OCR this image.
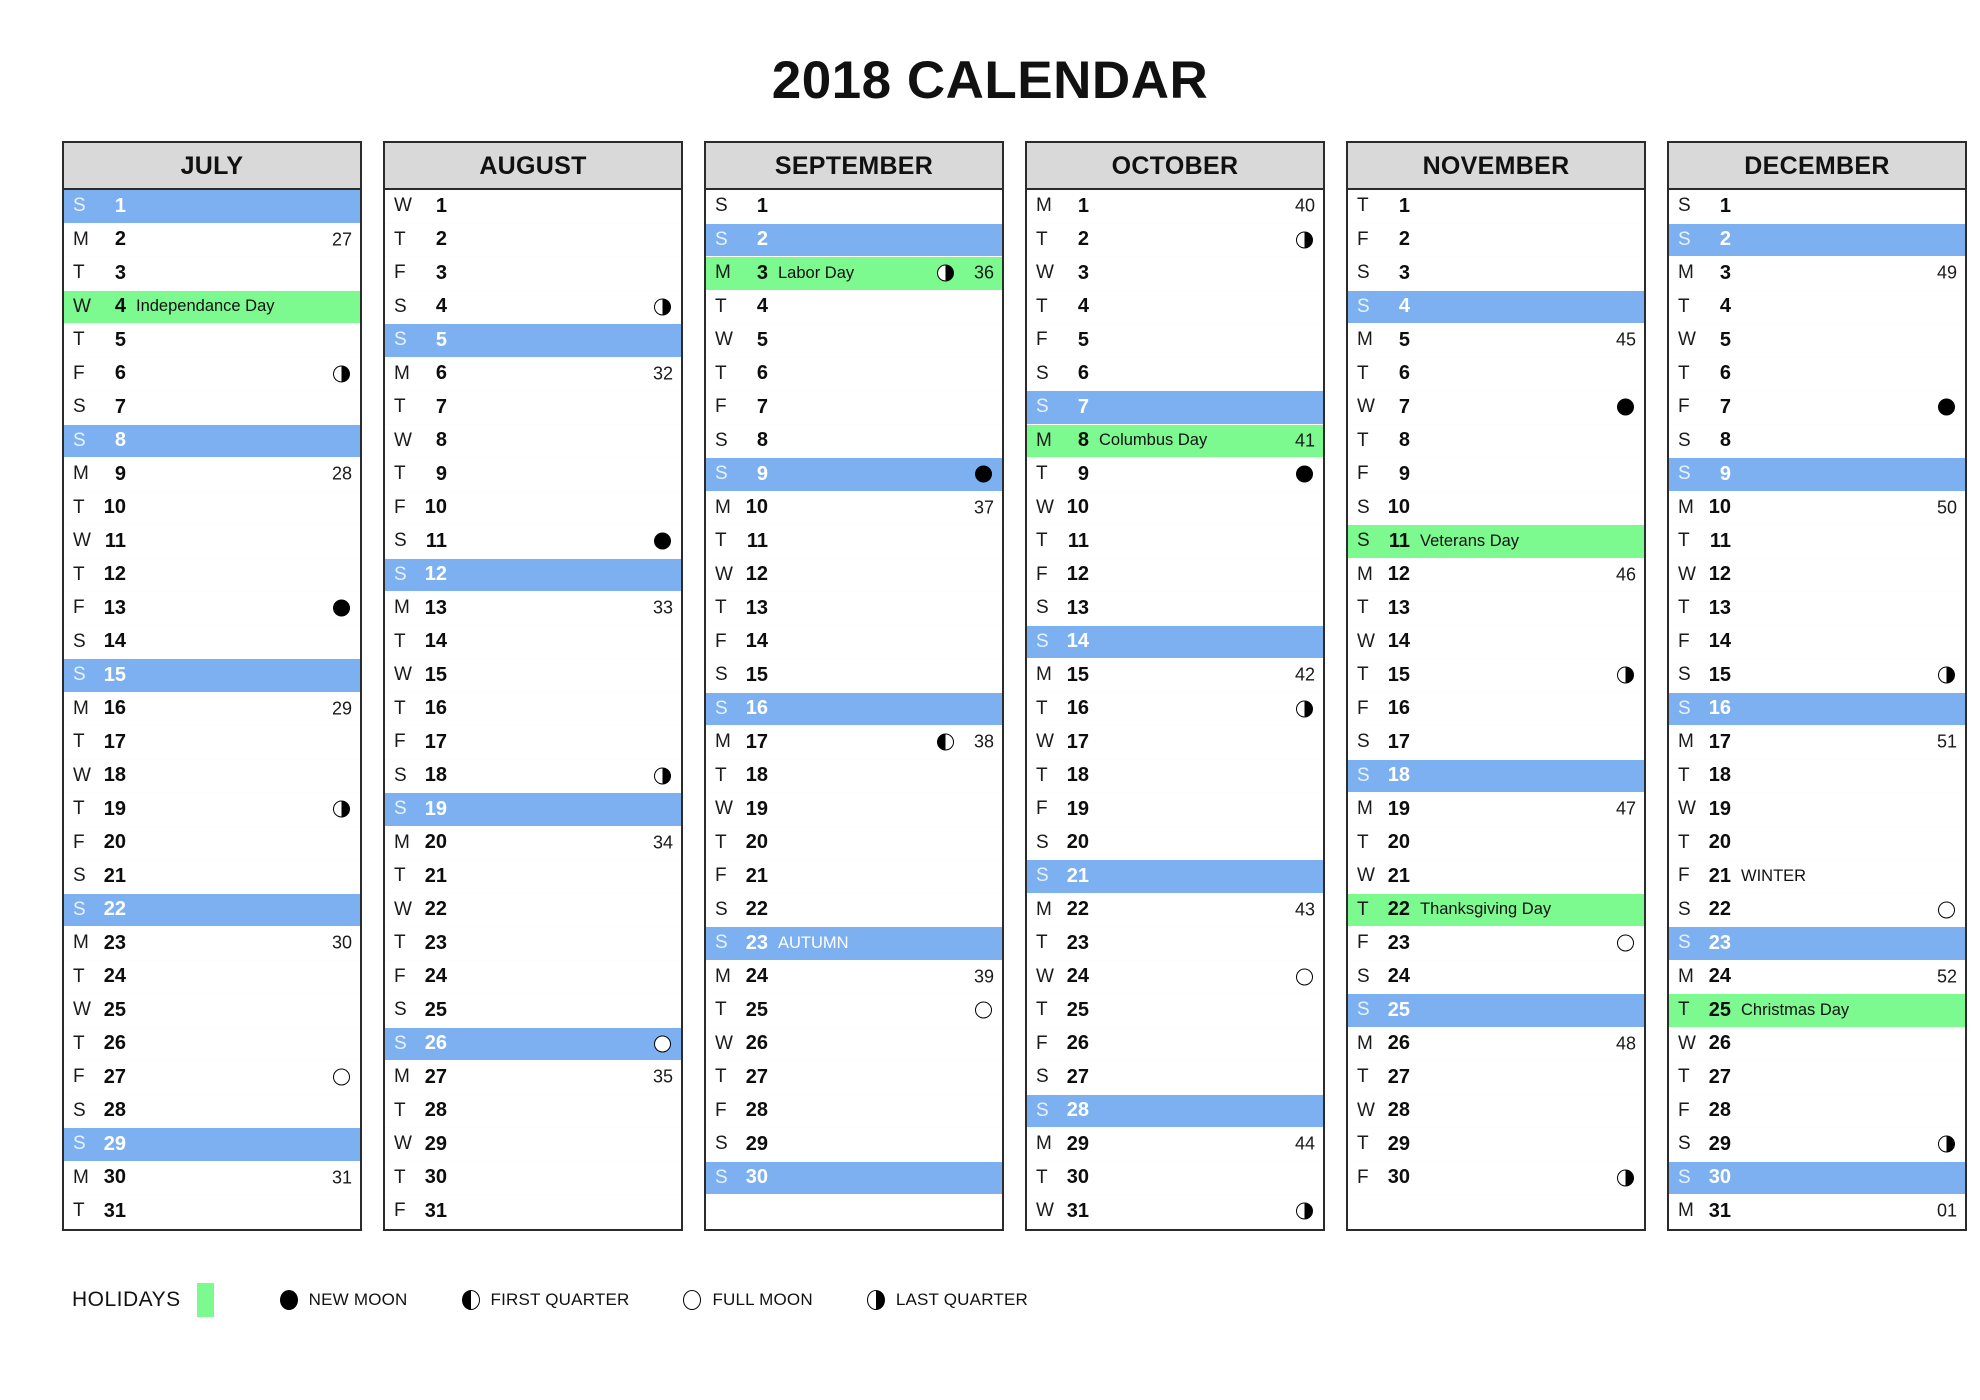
2018 CALENDAR
JULY
S	1
M	2	27
T	3
W	4 Independance Day
T	5
F	6
S	7
S	8
M	9	28
T 10
W 11
T 12
F 13
S 14
S 15
M 16	29
T 17
W 18
T 19
F 20
S 21
S 22
M 23	30
T 24
W 25
T 26
F 27
S 28
S 29
M 30	31
T 31
AUGUST
W	1
T	2
F	3
S	4
S	5
M	6	32
T	7
W	8
T	9
F 10
S 11
S 12
M 13	33
T 14
W 15
T 16
F 17
S 18
S 19
M 20	34
T 21
W 22
T 23
F 24
S 25
S 26
M 27	35
T 28
W 29
T 30
F 31
SEPTEMBER
S	1
S	2
M	3 Labor Day	36
T	4
W	5
T	6
F	7
S	8
S	9
M 10	37
T	11
W 12
T 13
F 14
S 15
S 16
M 17	38
T 18
W 19
T 20
F 21
S 22
S 23 AUTUMN
M 24	39
T 25
W 26
T 27
F 28
S 29
S 30
OCTOBER
M	1	40
T	2
W	3
T	4
F	5
S	6
S	7
M	8 Columbus Day	41
T	9
W 10
T	11
F 12
S 13
S 14
M 15	42
T 16
W 17
T 18
F 19
S 20
S 21
M 22	43
T 23
W 24
T 25
F 26
S 27
S 28
M 29	44
T 30
W 31
NOVEMBER
T	1
F	2
S	3
S	4
M	5	45
T	6
W	7
T	8
F	9
S 10
S 11 Veterans Day
M 12	46
T 13
W 14
T 15
F 16
S 17
S 18
M 19	47
T 20
W 21
T 22 Thanksgiving Day
F 23
S 24
S 25
M 26	48
T 27
W 28
T 29
F 30
DECEMBER
S	1
S	2
M	3	49
T	4
W	5
T	6
F	7
S	8
S	9
M 10	50
T	11
W 12
T 13
F 14
S 15
S 16
M 17	51
T 18
W 19
T 20
F 21 WINTER
S 22
S 23
M 24	52
T 25 Christmas Day
W 26
T 27
F 28
S 29
S 30
M 31	01
HOLIDAYS	NEW MOON	FIRST QUARTER	FULL MOON	LAST QUARTER
